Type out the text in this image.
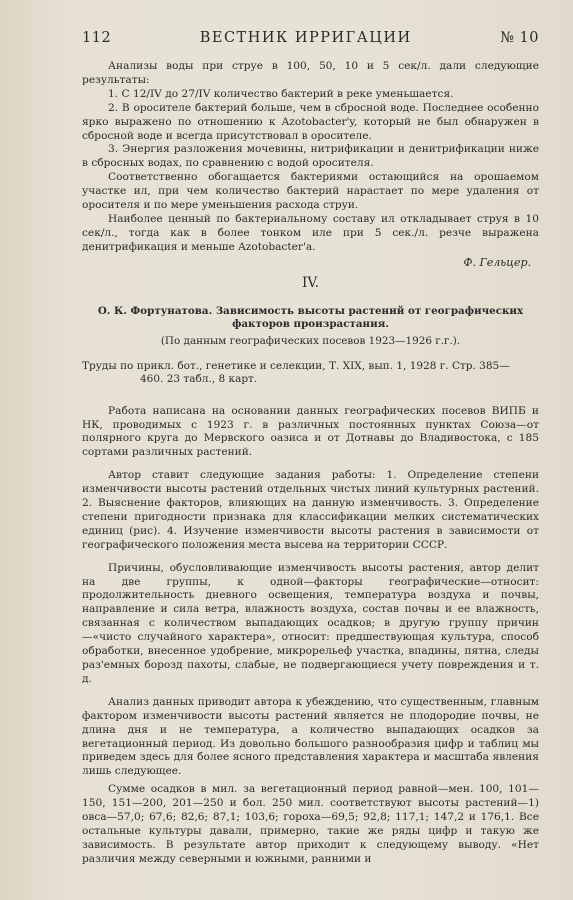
112	ВЕСТНИК ИРРИГАЦИИ	№ 10

Анализы воды при струе в 100, 50, 10 и 5 сек/л. дали следующие результаты:

1. С 12/IV до 27/IV количество бактерий в реке уменьшается.

2. В оросителе бактерий больше, чем в сбросной воде. Последнее особенно ярко выражено по отношению к Azotobacter'y, который не был обнаружен в сбросной воде и всегда присутствовал в оросителе.

3. Энергия разложения мочевины, нитрификации и денитрификации ниже в сбросных водах, по сравнению с водой оросителя.

Соответственно обогащается бактериями остающийся на орошаемом участке ил, при чем количество бактерий нарастает по мере удаления от оросителя и по мере уменьшения расхода струи.

Наиболее ценный по бактериальному составу ил откладывает струя в 10 сек/л., тогда как в более тонком иле при 5 сек./л. резче выражена денитрификация и меньше Azotobacter'a.

Ф. Гельцер.

IV.

О. К. Фортунатова. Зависимость высоты растений от географических факторов произрастания.

(По данным географических посевов 1923—1926 г.г.).

Труды по прикл. бот., генетике и селекции, Т. XIX, вып. 1, 1928 г. Стр. 385—
460. 23 табл., 8 карт.

Работа написана на основании данных географических посевов ВИПБ и НК, проводимых с 1923 г. в различных постоянных пунктах Союза—от полярного круга до Мервского оазиса и от Дотнавы до Владивостока, с 185 сортами различных растений.

Автор ставит следующие задания работы: 1. Определение степени изменчивости высоты растений отдельных чистых линий культурных растений. 2. Выяснение факторов, влияющих на данную изменчивость. 3. Определение степени пригодности признака для классификации мелких систематических единиц (рис). 4. Изучение изменчивости высоты растения в зависимости от географического положения места высева на территории СССР.

Причины, обусловливающие изменчивость высоты растения, автор делит на две группы, к одной—факторы географические—относит: продолжительность дневного освещения, температура воздуха и почвы, направление и сила ветра, влажность воздуха, состав почвы и ее влажность, связанная с количеством выпадающих осадков; в другую группу причин—«чисто случайного характера», относит: предшествующая культура, способ обработки, внесенное удобрение, микрорельеф участка, впадины, пятна, следы раз'емных борозд пахоты, слабые, не подвергающиеся учету повреждения и т. д.

Анализ данных приводит автора к убеждению, что существенным, главным фактором изменчивости высоты растений является не плодородие почвы, не длина дня и не температура, а количество выпадающих осадков за вегетационный период. Из довольно большого разнообразия цифр и таблиц мы приведем здесь для более ясного представления характера и масштаба явления лишь следующее.

Сумме осадков в мил. за вегетационный период равной—мен. 100, 101—150, 151—200, 201—250 и бол. 250 мил. соответствуют высоты растений—1) овса—57,0; 67,6; 82,6; 87,1; 103,6; гороха—69,5; 92,8; 117,1; 147,2 и 176,1. Все остальные культуры давали, примерно, такие же ряды цифр и такую же зависимость. В результате автор приходит к следующему выводу. «Нет различия между северными и южными, ранними и
